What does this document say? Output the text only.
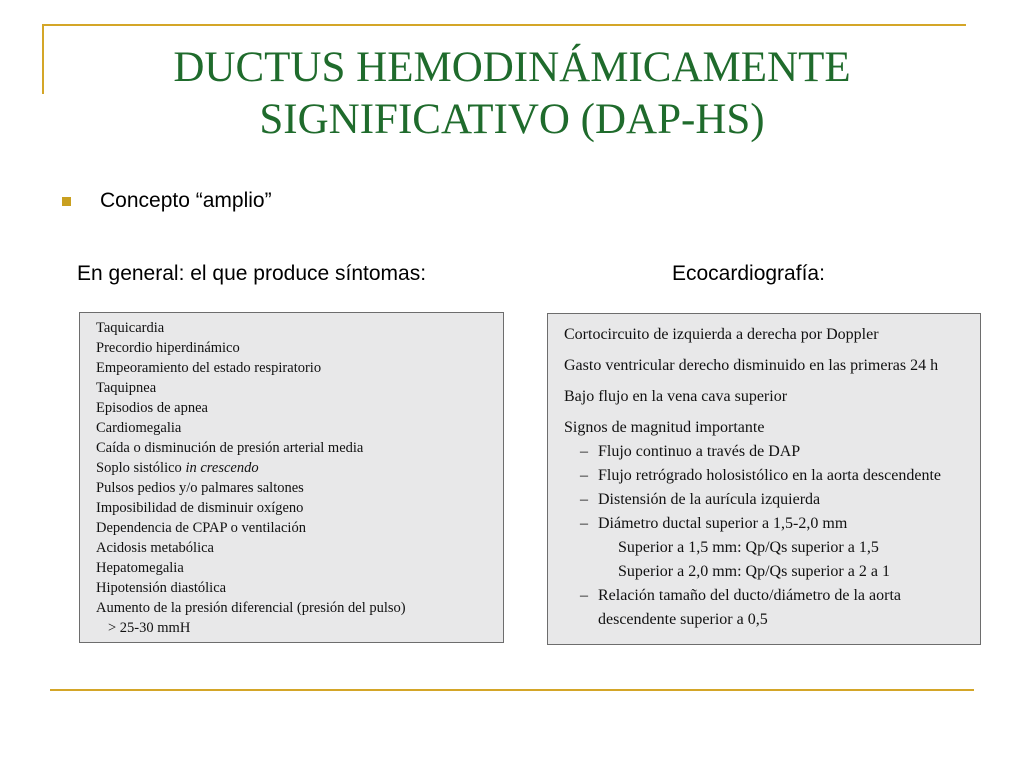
DUCTUS HEMODINÁMICAMENTE
SIGNIFICATIVO (DAP-HS)
Concepto “amplio”
En general: el que produce síntomas:	Ecocardiografía:
Taquicardia
Precordio hiperdinámico
Empeoramiento del estado respiratorio
Taquipnea
Episodios de apnea
Cardiomegalia
Caída o disminución de presión arterial media
Soplo sistólico in crescendo
Pulsos pedios y/o palmares saltones
Imposibilidad de disminuir oxígeno
Dependencia de CPAP o ventilación
Acidosis metabólica
Hepatomegalia
Hipotensión diastólica
Aumento de la presión diferencial (presión del pulso)
> 25-30 mmH
Cortocircuito de izquierda a derecha por Doppler
Gasto ventricular derecho disminuido en las primeras 24 h
Bajo flujo en la vena cava superior
Signos de magnitud importante
– Flujo continuo a través de DAP
– Flujo retrógrado holosistólico en la aorta descendente
– Distensión de la aurícula izquierda
– Diámetro ductal superior a 1,5-2,0 mm
Superior a 1,5 mm: Qp/Qs superior a 1,5
Superior a 2,0 mm: Qp/Qs superior a 2 a 1
– Relación tamaño del ducto/diámetro de la aorta
descendente superior a 0,5
